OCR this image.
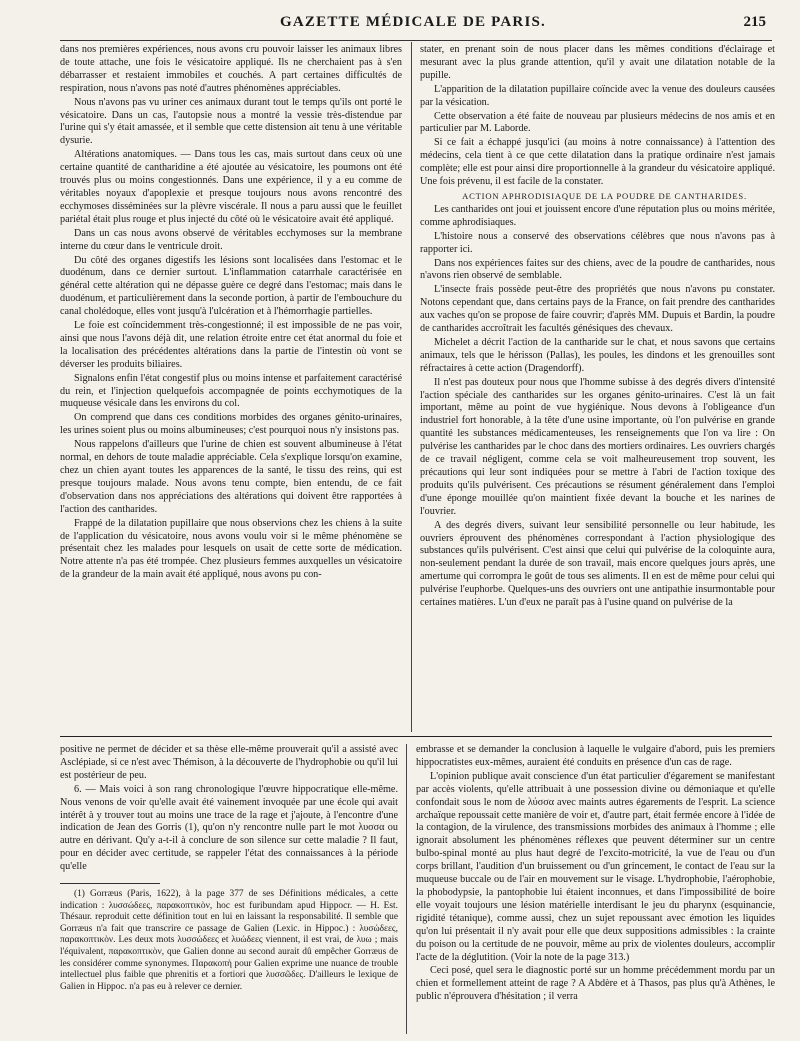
GAZETTE MÉDICALE DE PARIS.	215

dans nos premières expériences, nous avons cru pouvoir laisser les animaux libres de toute attache, une fois le vésicatoire appliqué. Ils ne cherchaient pas à s'en débarrasser et restaient immobiles et couchés. A part certaines difficultés de respiration, nous n'avons pas noté d'autres phénomènes appréciables.

Nous n'avons pas vu uriner ces animaux durant tout le temps qu'ils ont porté le vésicatoire. Dans un cas, l'autopsie nous a montré la vessie très-distendue par l'urine qui s'y était amassée, et il semble que cette distension ait tenu à une véritable dysurie.

Altérations anatomiques. — Dans tous les cas, mais surtout dans ceux où une certaine quantité de cantharidine a été ajoutée au vésicatoire, les poumons ont été trouvés plus ou moins congestionnés. Dans une expérience, il y a eu comme de véritables noyaux d'apoplexie et presque toujours nous avons rencontré des ecchymoses disséminées sur la plèvre viscérale. Il nous a paru aussi que le feuillet pariétal était plus rouge et plus injecté du côté où le vésicatoire avait été appliqué.

Dans un cas nous avons observé de véritables ecchymoses sur la membrane interne du cœur dans le ventricule droit.

Du côté des organes digestifs les lésions sont localisées dans l'estomac et le duodénum, dans ce dernier surtout. L'inflammation catarrhale caractérisée en général cette altération qui ne dépasse guère ce degré dans l'estomac; mais dans le duodénum, et particulièrement dans la seconde portion, à partir de l'embouchure du canal cholédoque, elles vont jusqu'à l'ulcération et à l'hémorrhagie partielles.

Le foie est coïncidemment très-congestionné; il est impossible de ne pas voir, ainsi que nous l'avons déjà dit, une relation étroite entre cet état anormal du foie et la localisation des précédentes altérations dans la partie de l'intestin où vont se déverser les produits biliaires.

Signalons enfin l'état congestif plus ou moins intense et parfaitement caractérisé du rein, et l'injection quelquefois accompagnée de points ecchymotiques de la muqueuse vésicale dans les environs du col.

On comprend que dans ces conditions morbides des organes génito-urinaires, les urines soient plus ou moins albumineuses; c'est pourquoi nous n'y insistons pas.

Nous rappelons d'ailleurs que l'urine de chien est souvent albumineuse à l'état normal, en dehors de toute maladie appréciable. Cela s'explique lorsqu'on examine, chez un chien ayant toutes les apparences de la santé, le tissu des reins, qui est presque toujours malade. Nous avons tenu compte, bien entendu, de ce fait d'observation dans nos appréciations des altérations qui doivent être rapportées à l'action des cantharides.

Frappé de la dilatation pupillaire que nous observions chez les chiens à la suite de l'application du vésicatoire, nous avons voulu voir si le même phénomène se présentait chez les malades pour lesquels on usait de cette sorte de médication. Notre attente n'a pas été trompée. Chez plusieurs femmes auxquelles un vésicatoire de la grandeur de la main avait été appliqué, nous avons pu con-

stater, en prenant soin de nous placer dans les mêmes conditions d'éclairage et mesurant avec la plus grande attention, qu'il y avait une dilatation notable de la pupille.

L'apparition de la dilatation pupillaire coïncide avec la venue des douleurs causées par la vésication.

Cette observation a été faite de nouveau par plusieurs médecins de nos amis et en particulier par M. Laborde.

Si ce fait a échappé jusqu'ici (au moins à notre connaissance) à l'attention des médecins, cela tient à ce que cette dilatation dans la pratique ordinaire n'est jamais complète; elle est pour ainsi dire proportionnelle à la grandeur du vésicatoire appliqué. Une fois prévenu, il est facile de la constater.

ACTION APHRODISIAQUE DE LA POUDRE DE CANTHARIDES.

Les cantharides ont joui et jouissent encore d'une réputation plus ou moins méritée, comme aphrodisiaques.

L'histoire nous a conservé des observations célèbres que nous n'avons pas à rapporter ici.

Dans nos expériences faites sur des chiens, avec de la poudre de cantharides, nous n'avons rien observé de semblable.

L'insecte frais possède peut-être des propriétés que nous n'avons pu constater. Notons cependant que, dans certains pays de la France, on fait prendre des cantharides aux vaches qu'on se propose de faire couvrir; d'après MM. Dupuis et Bardin, la poudre de cantharides accroîtrait les facultés génésiques des chevaux.

Michelet a décrit l'action de la cantharide sur le chat, et nous savons que certains animaux, tels que le hérisson (Pallas), les poules, les dindons et les grenouilles sont réfractaires à cette action (Dragendorff).

Il n'est pas douteux pour nous que l'homme subisse à des degrés divers d'intensité l'action spéciale des cantharides sur les organes génito-urinaires. C'est là un fait important, même au point de vue hygiénique. Nous devons à l'obligeance d'un industriel fort honorable, à la tête d'une usine importante, où l'on pulvérise en grande quantité les substances médicamenteuses, les renseignements que l'on va lire : On pulvérise les cantharides par le choc dans des mortiers ordinaires. Les ouvriers chargés de ce travail négligent, comme cela se voit malheureusement trop souvent, les précautions qui leur sont indiquées pour se mettre à l'abri de l'action toxique des produits qu'ils pulvérisent. Ces précautions se résument généralement dans l'emploi d'une éponge mouillée qu'on maintient fixée devant la bouche et les narines de l'ouvrier.

A des degrés divers, suivant leur sensibilité personnelle ou leur habitude, les ouvriers éprouvent des phénomènes correspondant à l'action physiologique des substances qu'ils pulvérisent. C'est ainsi que celui qui pulvérise de la coloquinte aura, non-seulement pendant la durée de son travail, mais encore quelques jours après, une amertume qui corrompra le goût de tous ses aliments. Il en est de même pour celui qui pulvérise l'euphorbe. Quelques-uns des ouvriers ont une antipathie insurmontable pour certaines matières. L'un d'eux ne paraît pas à l'usine quand on pulvérise de la

positive ne permet de décider et sa thèse elle-même prouverait qu'il a assisté avec Asclépiade, si ce n'est avec Thémison, à la découverte de l'hydrophobie ou qu'il lui est postérieur de peu.

6. — Mais voici à son rang chronologique l'œuvre hippocratique elle-même. Nous venons de voir qu'elle avait été vainement invoquée par une école qui avait intérêt à y trouver tout au moins une trace de la rage et j'ajoute, à l'encontre d'une indication de Jean des Gorris (1), qu'on n'y rencontre nulle part le mot λυσσα ou autre en dérivant. Qu'y a-t-il à conclure de son silence sur cette maladie ? Il faut, pour en décider avec certitude, se rappeler l'état des connaissances à la période qu'elle

(1) Gorræus (Paris, 1622), à la page 377 de ses Définitions médicales, a cette indication : λυσσώδεες, παρακοπτικὸν, hoc est furibundam apud Hippocr. — H. Est. Thésaur. reproduit cette définition tout en lui en laissant la responsabilité. Il semble que Gorræus n'a fait que transcrire ce passage de Galien (Lexic. in Hippoc.) : λυσώδεες, παρακοπτικὸν. Les deux mots λυσσώδεες et λυώδεες viennent, il est vrai, de λυω ; mais l'équivalent, παρακοπτικὸν, que Galien donne au second aurait dû empêcher Gorræus de les considérer comme synonymes. Παρακοπὴ pour Galien exprime une nuance de trouble intellectuel plus faible que phrenitis et a fortiori que λυσσῶδες. D'ailleurs le lexique de Galien in Hippoc. n'a pas eu à relever ce dernier.

embrasse et se demander la conclusion à laquelle le vulgaire d'abord, puis les premiers hippocratistes eux-mêmes, auraient été conduits en présence d'un cas de rage.

L'opinion publique avait conscience d'un état particulier d'égarement se manifestant par accès violents, qu'elle attribuait à une possession divine ou démoniaque et qu'elle confondait sous le nom de λύσσα avec maints autres égarements de l'esprit. La science archaïque repoussait cette manière de voir et, d'autre part, était fermée encore à l'idée de la contagion, de la virulence, des transmissions morbides des animaux à l'homme ; elle ignorait absolument les phénomènes réflexes que peuvent déterminer sur un centre bulbo-spinal monté au plus haut degré de l'excito-motricité, la vue de l'eau ou d'un corps brillant, l'audition d'un bruissement ou d'un grincement, le contact de l'eau sur la muqueuse buccale ou de l'air en mouvement sur le visage. L'hydrophobie, l'aérophobie, la phobodypsie, la pantophobie lui étaient inconnues, et dans l'impossibilité de boire elle voyait toujours une lésion matérielle interdisant le jeu du pharynx (esquinancie, rigidité tétanique), comme aussi, chez un sujet repoussant avec émotion les liquides qu'on lui présentait il n'y avait pour elle que deux suppositions admissibles : la crainte du poison ou la certitude de ne pouvoir, même au prix de violentes douleurs, accomplir l'acte de la déglutition. (Voir la note de la page 313.)

Ceci posé, quel sera le diagnostic porté sur un homme précédemment mordu par un chien et formellement atteint de rage ? A Abdère et à Thasos, pas plus qu'à Athènes, le public n'éprouvera d'hésitation ; il verra
